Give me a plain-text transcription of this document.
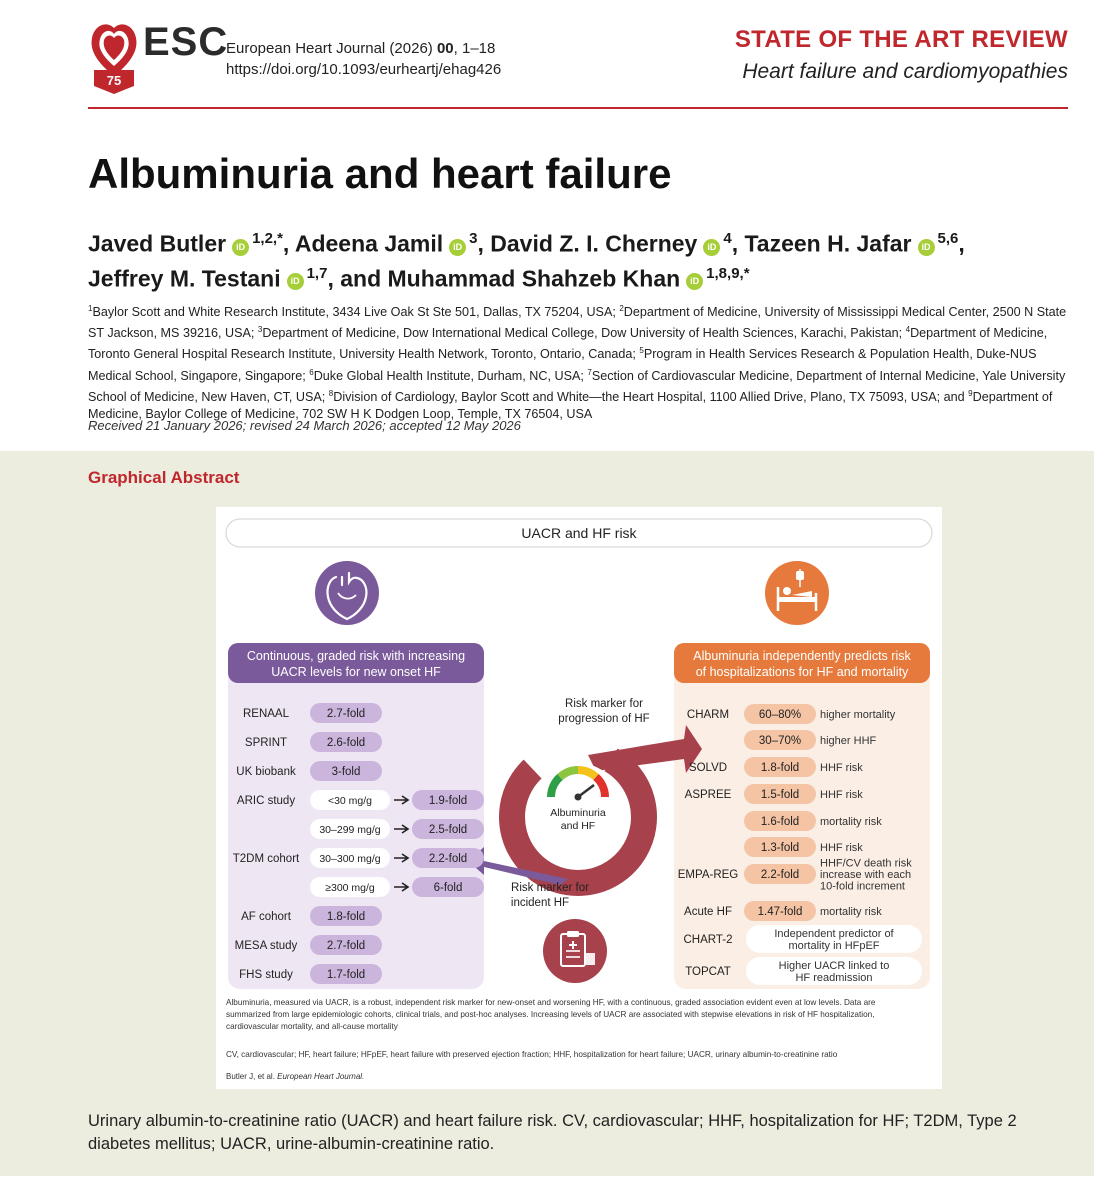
75
ESC
European Heart Journal (2026) 00, 1–18
https://doi.org/10.1093/eurheartj/ehag426
STATE OF THE ART REVIEW
Heart failure and cardiomyopathies
Albuminuria and heart failure
Javed Butler iD $^{1,2,*}$, Adeena Jamil iD $^3$, David Z. I. Cherney iD $^4$, Tazeen H. Jafar iD $^{5,6}$,
Jeffrey M. Testani iD $^{1,7}$, and Muhammad Shahzeb Khan iD $^{1,8,9,*}$
$^1$Baylor Scott and White Research Institute, 3434 Live Oak St Ste 501, Dallas, TX 75204, USA; $^2$Department of Medicine, University of Mississippi Medical Center, 2500 N State ST Jackson, MS 39216, USA; $^3$Department of Medicine, Dow International Medical College, Dow University of Health Sciences, Karachi, Pakistan; $^4$Department of Medicine, Toronto General Hospital Research Institute, University Health Network, Toronto, Ontario, Canada; $^5$Program in Health Services Research & Population Health, Duke-NUS Medical School, Singapore, Singapore; $^6$Duke Global Health Institute, Durham, NC, USA; $^7$Section of Cardiovascular Medicine, Department of Internal Medicine, Yale University School of Medicine, New Haven, CT, USA; $^8$Division of Cardiology, Baylor Scott and White—the Heart Hospital, 1100 Allied Drive, Plano, TX 75093, USA; and $^9$Department of Medicine, Baylor College of Medicine, 702 SW H K Dodgen Loop, Temple, TX 76504, USA
Received 21 January 2026; revised 24 March 2026; accepted 12 May 2026
Graphical Abstract
UACR and HF risk
Continuous, graded risk with increasing
UACR levels for new onset HF
Albuminuria independently predicts risk
of hospitalizations for HF and mortality
Albuminuria
and HF
Risk marker for
progression of HF
Risk marker for
incident HF
RENAAL	2.7-fold
SPRINT	2.6-fold
UK biobank	3-fold
ARIC study	<30 mg/g	1.9-fold
30–299 mg/g	2.5-fold
T2DM cohort 30–300 mg/g	2.2-fold
≥300 mg/g	6-fold
AF cohort	1.8-fold
MESA study	2.7-fold
FHS study	1.7-fold
CHARM	60–80% higher mortality
30–70% higher HHF
SOLVD	1.8-fold HHF risk
ASPREE	1.5-fold HHF risk
1.6-fold mortality risk
1.3-fold HHF risk
EMPA-REG 2.2-fold
HHF/CV death risk
increase with each
10-fold increment
Acute HF 1.47-fold mortality risk
CHART-2	Independent predictor of
mortality in HFpEF
TOPCAT	Higher UACR linked to
HF readmission
Albuminuria, measured via UACR, is a robust, independent risk marker for new-onset and worsening HF, with a continuous, graded association evident even at low levels. Data are
summarized from large epidemiologic cohorts, clinical trials, and post-hoc analyses. Increasing levels of UACR are associated with stepwise elevations in risk of HF hospitalization,
cardiovascular mortality, and all-cause mortality
CV, cardiovascular; HF, heart failure; HFpEF, heart failure with preserved ejection fraction; HHF, hospitalization for heart failure; UACR, urinary albumin-to-creatinine ratio
Butler J, et al. European Heart Journal.
Urinary albumin-to-creatinine ratio (UACR) and heart failure risk. CV, cardiovascular; HHF, hospitalization for HF; T2DM, Type 2 diabetes mellitus; UACR, urine-albumin-creatinine ratio.
